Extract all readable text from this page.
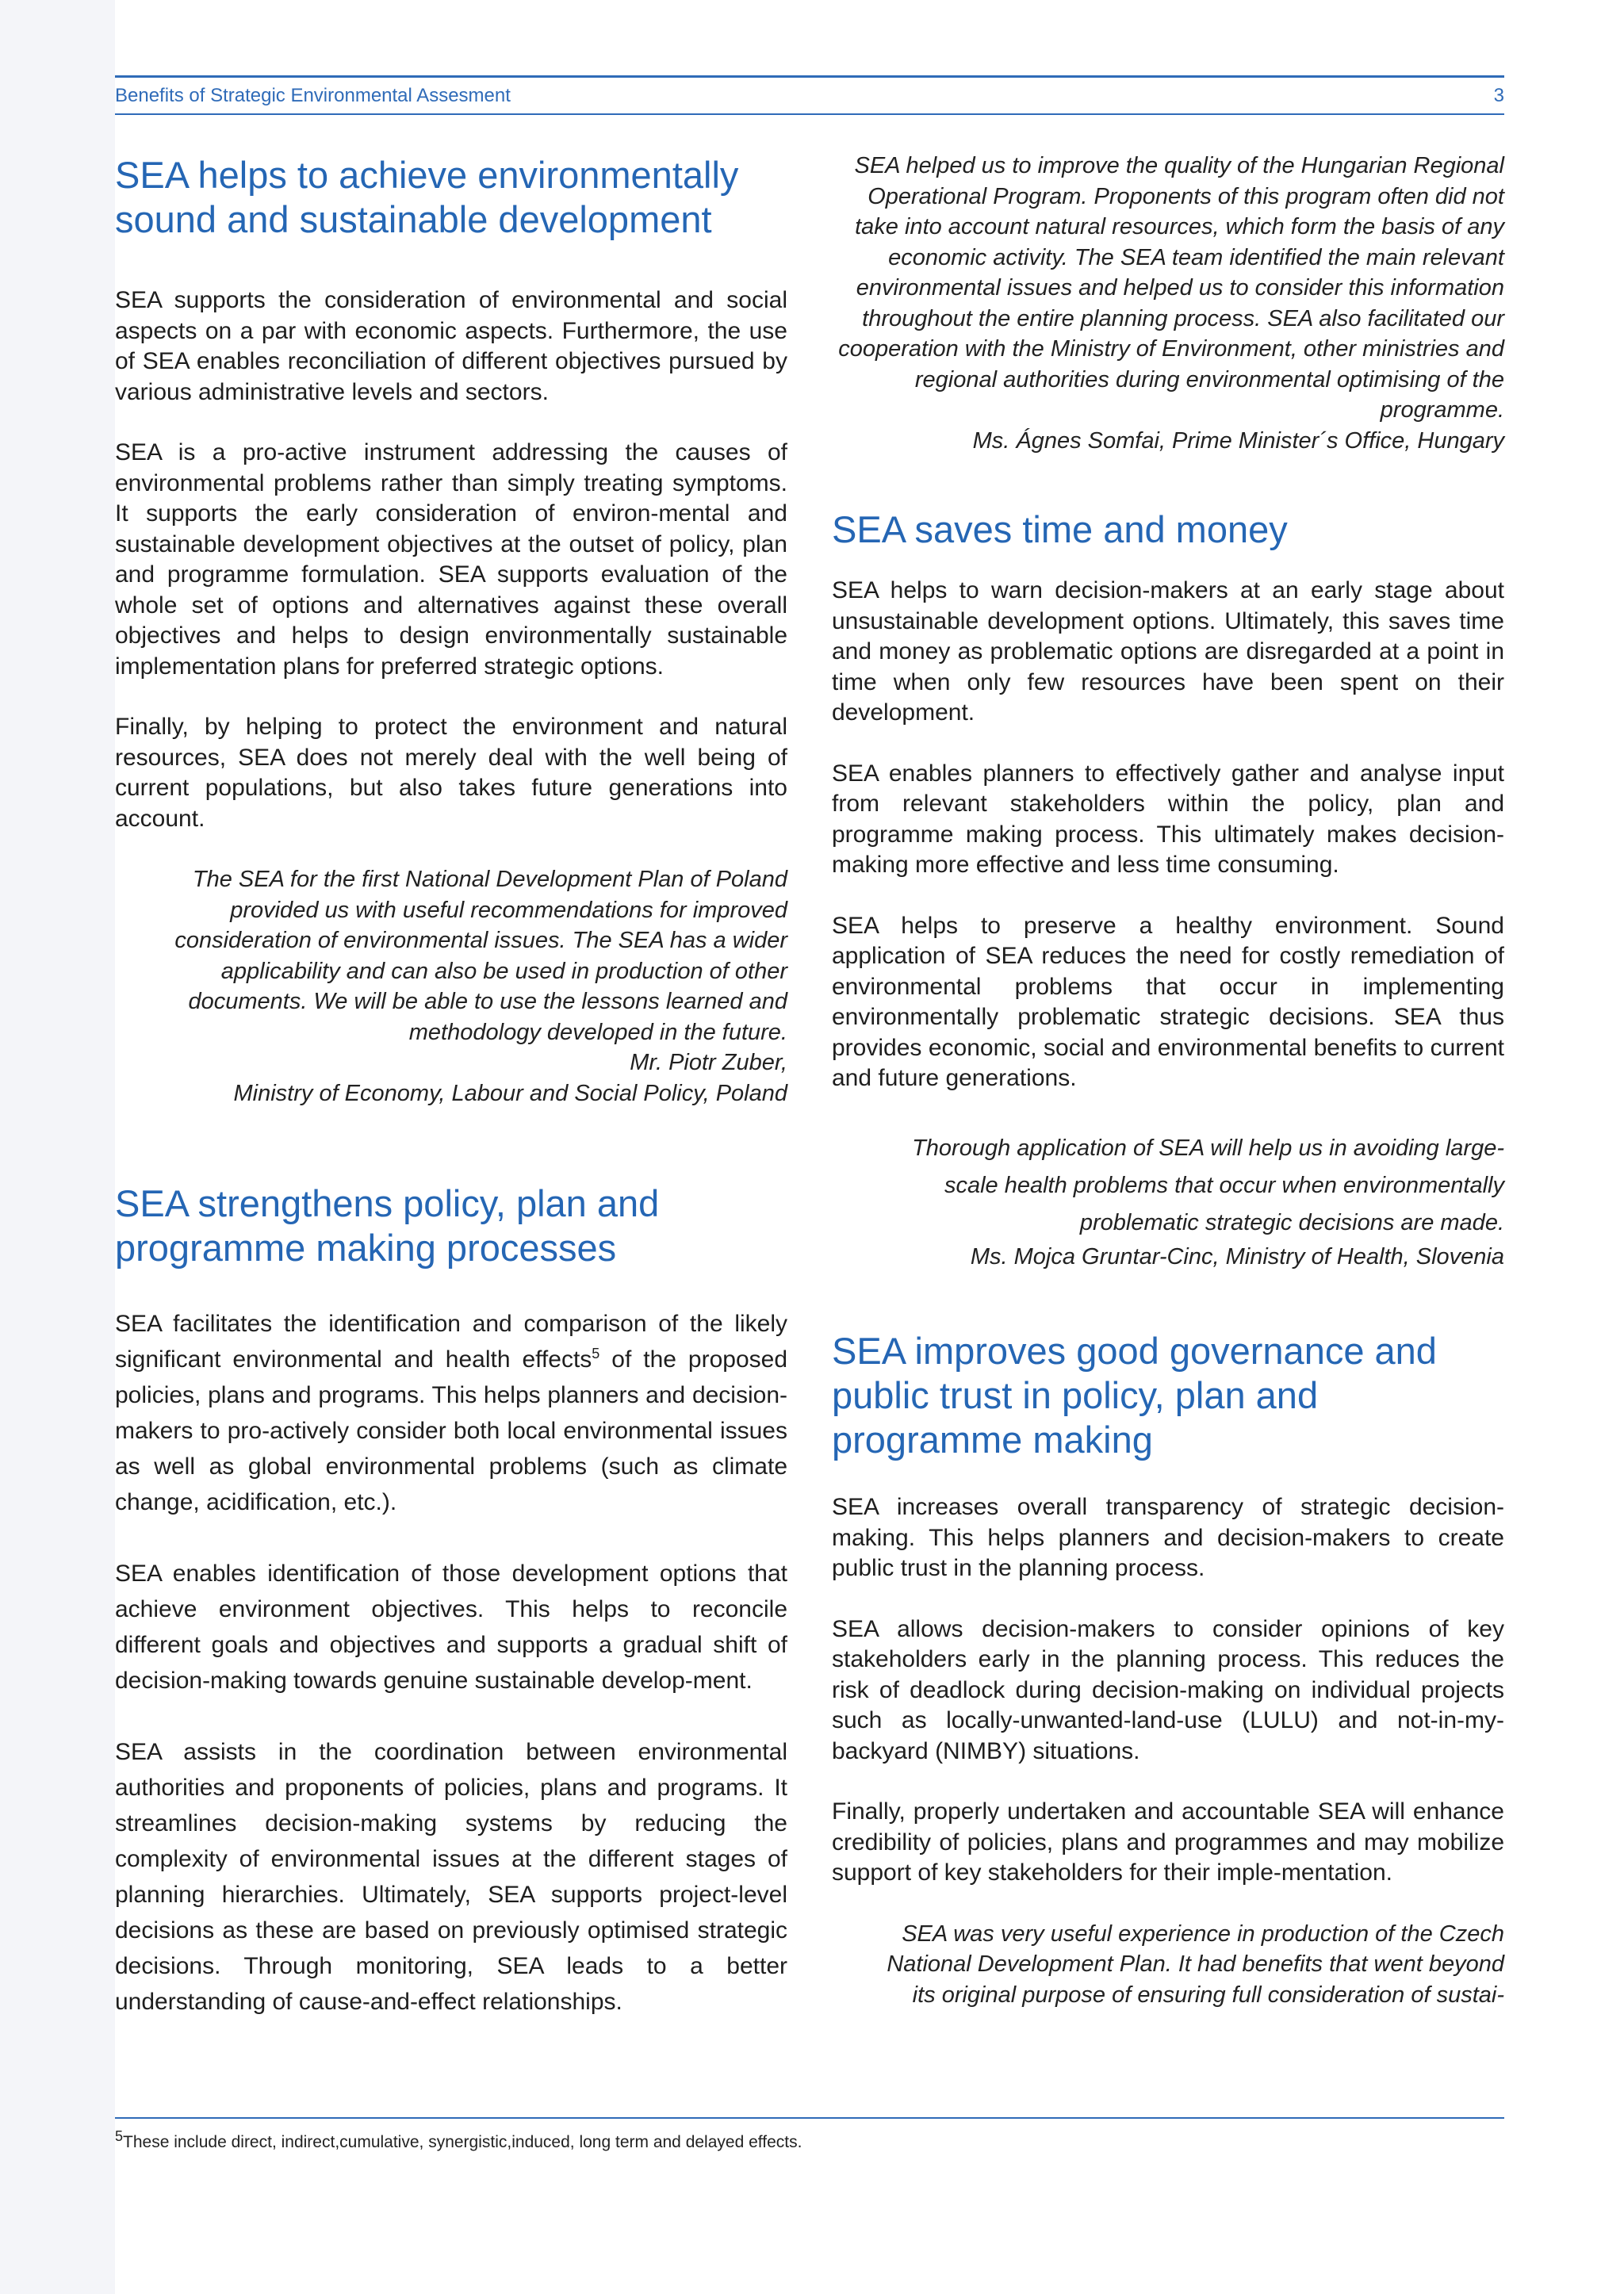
Benefits of Strategic Environmental Assesment	3
SEA helps to achieve environmentally sound and sustainable development

SEA supports the consideration of environmental and social aspects on a par with economic aspects. Furthermore, the use of SEA enables reconciliation of different objectives pursued by various administrative levels and sectors.

SEA is a pro-active instrument addressing the causes of environmental problems rather than simply treating symptoms. It supports the early consideration of environ-mental and sustainable development objectives at the outset of policy, plan and programme formulation. SEA supports evaluation of the whole set of options and alternatives against these overall objectives and helps to design environmentally sustainable implementation plans for preferred strategic options.

Finally, by helping to protect the environment and natural resources, SEA does not merely deal with the well being of current populations, but also takes future generations into account.

The SEA for the first National Development Plan of Poland provided us with useful recommendations for improved consideration of environmental issues. The SEA has a wider applicability and can also be used in production of other documents. We will be able to use the lessons learned and methodology developed in the future.

Mr. Piotr Zuber,

Ministry of Economy, Labour and Social Policy, Poland

SEA strengthens policy, plan and programme making processes

SEA facilitates the identification and comparison of the likely significant environmental and health effects$^5$ of the proposed policies, plans and programs. This helps planners and decision-makers to pro-actively consider both local environmental issues as well as global environmental problems (such as climate change, acidification, etc.).

SEA enables identification of those development options that achieve environment objectives. This helps to reconcile different goals and objectives and supports a gradual shift of decision-making towards genuine sustainable develop-ment.

SEA assists in the coordination between environmental authorities and proponents of policies, plans and programs. It streamlines decision-making systems by reducing the complexity of environmental issues at the different stages of planning hierarchies. Ultimately, SEA supports project-level decisions as these are based on previously optimised strategic decisions. Through monitoring, SEA leads to a better understanding of cause-and-effect relationships.

SEA helped us to improve the quality of the Hungarian Regional Operational Program. Proponents of this program often did not take into account natural resources, which form the basis of any economic activity. The SEA team identified the main relevant environmental issues and helped us to consider this information throughout the entire planning process. SEA also facilitated our cooperation with the Ministry of Environment, other ministries and regional authorities during environmental optimising of the programme.

Ms. Ágnes Somfai, Prime Minister´s Office, Hungary

SEA saves time and money

SEA helps to warn decision-makers at an early stage about unsustainable development options. Ultimately, this saves time and money as problematic options are disregarded at a point in time when only few resources have been spent on their development.

SEA enables planners to effectively gather and analyse input from relevant stakeholders within the policy, plan and programme making process. This ultimately makes decision-making more effective and less time consuming.

SEA helps to preserve a healthy environment. Sound application of SEA reduces the need for costly remediation of environmental problems that occur in implementing environmentally problematic strategic decisions. SEA thus provides economic, social and environmental benefits to current and future generations.

Thorough application of SEA will help us in avoiding large-scale health problems that occur when environmentally problematic strategic decisions are made.

Ms. Mojca Gruntar-Cinc, Ministry of Health, Slovenia

SEA improves good governance and public trust in policy, plan and programme making

SEA increases overall transparency of strategic decision-making. This helps planners and decision-makers to create public trust in the planning process.

SEA allows decision-makers to consider opinions of key stakeholders early in the planning process. This reduces the risk of deadlock during decision-making on individual projects such as locally-unwanted-land-use (LULU) and not-in-my-backyard (NIMBY) situations.

Finally, properly undertaken and accountable SEA will enhance credibility of policies, plans and programmes and may mobilize support of key stakeholders for their imple-mentation.

SEA was very useful experience in production of the Czech National Development Plan. It had benefits that went beyond its original purpose of ensuring full consideration of sustai-

$^5$These include direct, indirect,cumulative, synergistic,induced, long term and delayed effects.
